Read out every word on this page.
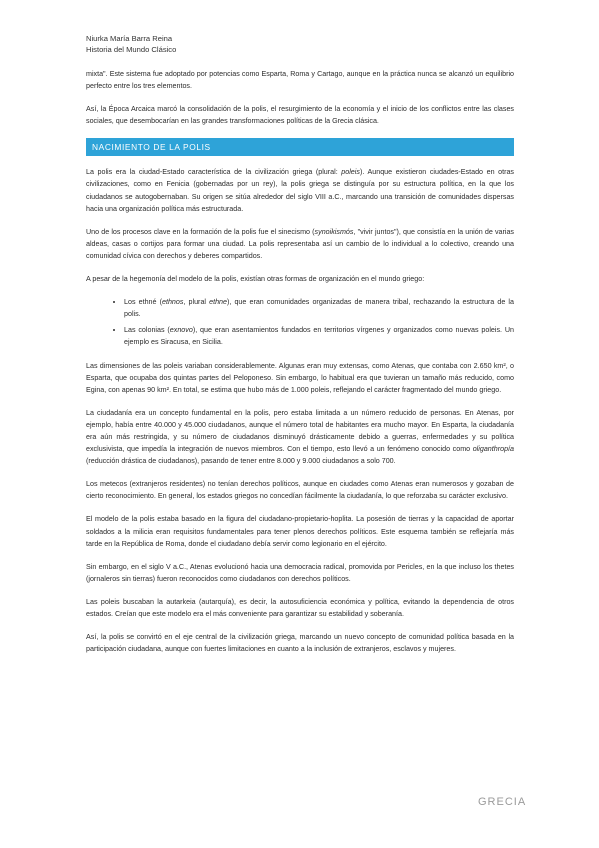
Niurka María Barra Reina
Historia del Mundo Clásico

mixta". Este sistema fue adoptado por potencias como Esparta, Roma y Cartago, aunque en la práctica nunca se alcanzó un equilibrio perfecto entre los tres elementos.

Así, la Época Arcaica marcó la consolidación de la polis, el resurgimiento de la economía y el inicio de los conflictos entre las clases sociales, que desembocarían en las grandes transformaciones políticas de la Grecia clásica.

NACIMIENTO DE LA POLIS

La polis era la ciudad-Estado característica de la civilización griega (plural: poleis). Aunque existieron ciudades-Estado en otras civilizaciones, como en Fenicia (gobernadas por un rey), la polis griega se distinguía por su estructura política, en la que los ciudadanos se autogobernaban. Su origen se sitúa alrededor del siglo VIII a.C., marcando una transición de comunidades dispersas hacia una organización política más estructurada.

Uno de los procesos clave en la formación de la polis fue el sinecismo (synoikismós, "vivir juntos"), que consistía en la unión de varias aldeas, casas o cortijos para formar una ciudad. La polis representaba así un cambio de lo individual a lo colectivo, creando una comunidad cívica con derechos y deberes compartidos.

A pesar de la hegemonía del modelo de la polis, existían otras formas de organización en el mundo griego:

• Los ethné (ethnos, plural ethne), que eran comunidades organizadas de manera tribal, rechazando la estructura de la polis.
• Las colonias (exnovo), que eran asentamientos fundados en territorios vírgenes y organizados como nuevas poleis. Un ejemplo es Siracusa, en Sicilia.

Las dimensiones de las poleis variaban considerablemente. Algunas eran muy extensas, como Atenas, que contaba con 2.650 km², o Esparta, que ocupaba dos quintas partes del Peloponeso. Sin embargo, lo habitual era que tuvieran un tamaño más reducido, como Egina, con apenas 90 km². En total, se estima que hubo más de 1.000 poleis, reflejando el carácter fragmentado del mundo griego.

La ciudadanía era un concepto fundamental en la polis, pero estaba limitada a un número reducido de personas. En Atenas, por ejemplo, había entre 40.000 y 45.000 ciudadanos, aunque el número total de habitantes era mucho mayor. En Esparta, la ciudadanía era aún más restringida, y su número de ciudadanos disminuyó drásticamente debido a guerras, enfermedades y su política exclusivista, que impedía la integración de nuevos miembros. Con el tiempo, esto llevó a un fenómeno conocido como oliganthropía (reducción drástica de ciudadanos), pasando de tener entre 8.000 y 9.000 ciudadanos a solo 700.

Los metecos (extranjeros residentes) no tenían derechos políticos, aunque en ciudades como Atenas eran numerosos y gozaban de cierto reconocimiento. En general, los estados griegos no concedían fácilmente la ciudadanía, lo que reforzaba su carácter exclusivo.

El modelo de la polis estaba basado en la figura del ciudadano-propietario-hoplita. La posesión de tierras y la capacidad de aportar soldados a la milicia eran requisitos fundamentales para tener plenos derechos políticos. Este esquema también se reflejaría más tarde en la República de Roma, donde el ciudadano debía servir como legionario en el ejército.

Sin embargo, en el siglo V a.C., Atenas evolucionó hacia una democracia radical, promovida por Pericles, en la que incluso los thetes (jornaleros sin tierras) fueron reconocidos como ciudadanos con derechos políticos.

Las poleis buscaban la autarkeia (autarquía), es decir, la autosuficiencia económica y política, evitando la dependencia de otros estados. Creían que este modelo era el más conveniente para garantizar su estabilidad y soberanía.

Así, la polis se convirtó en el eje central de la civilización griega, marcando un nuevo concepto de comunidad política basada en la participación ciudadana, aunque con fuertes limitaciones en cuanto a la inclusión de extranjeros, esclavos y mujeres.

GRECIA
